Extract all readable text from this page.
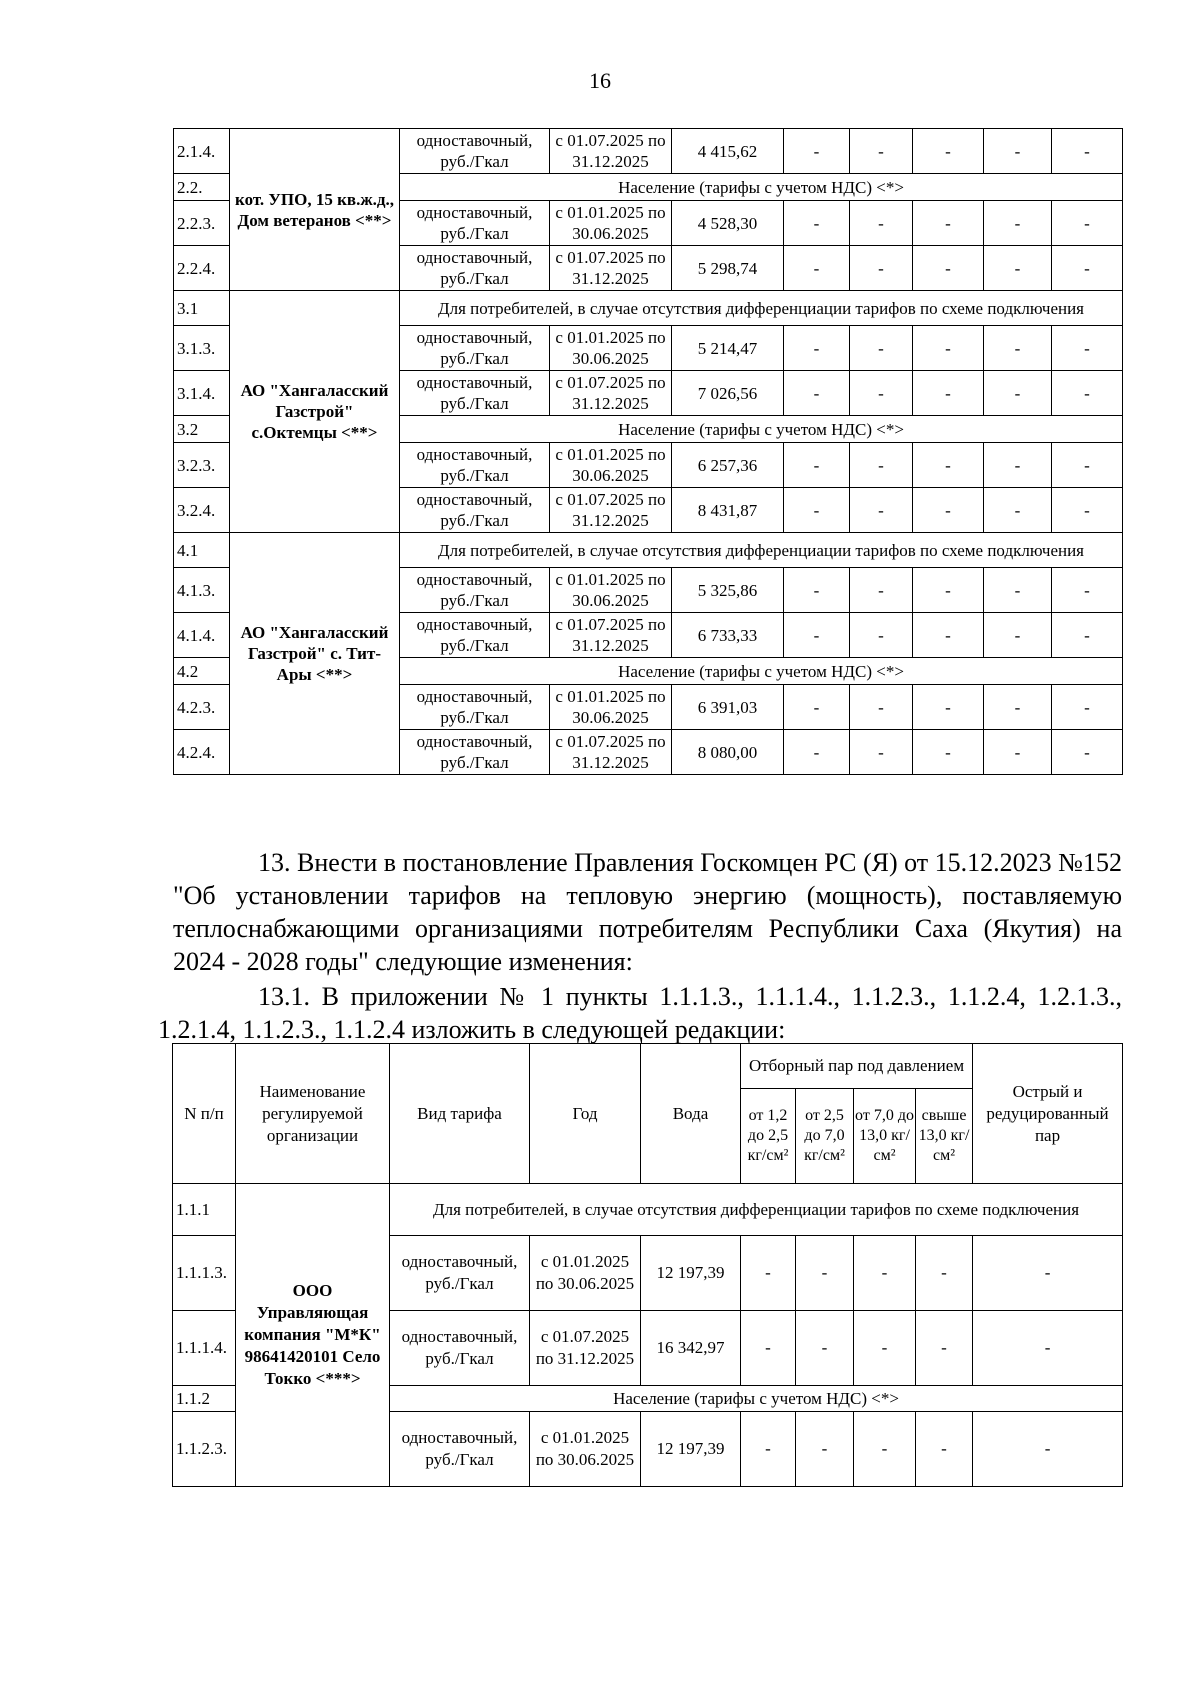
16
2.1.4.	кот. УПО, 15 кв.ж.д., Дом ветеранов <**>	одноставочный, руб./Гкал	с 01.07.2025 по 31.12.2025	4 415,62	-	-	-	-	-
2.2.		Население (тарифы с учетом НДС) <*>							
2.2.3.		одноставочный, руб./Гкал	с 01.01.2025 по 30.06.2025	4 528,30	-	-	-	-	-
2.2.4.		одноставочный, руб./Гкал	с 01.07.2025 по 31.12.2025	5 298,74	-	-	-	-	-
3.1	АО "Хангаласский Газстрой" с.Октемцы <**>	Для потребителей, в случае отсутствия дифференциации тарифов по схеме подключения							
3.1.3.		одноставочный, руб./Гкал	с 01.01.2025 по 30.06.2025	5 214,47	-	-	-	-	-
3.1.4.		одноставочный, руб./Гкал	с 01.07.2025 по 31.12.2025	7 026,56	-	-	-	-	-
3.2		Население (тарифы с учетом НДС) <*>							
3.2.3.		одноставочный, руб./Гкал	с 01.01.2025 по 30.06.2025	6 257,36	-	-	-	-	-
3.2.4.		одноставочный, руб./Гкал	с 01.07.2025 по 31.12.2025	8 431,87	-	-	-	-	-
4.1	АО "Хангаласский Газстрой" с. Тит-Ары <**>	Для потребителей, в случае отсутствия дифференциации тарифов по схеме подключения							
4.1.3.		одноставочный, руб./Гкал	с 01.01.2025 по 30.06.2025	5 325,86	-	-	-	-	-
4.1.4.		одноставочный, руб./Гкал	с 01.07.2025 по 31.12.2025	6 733,33	-	-	-	-	-
4.2		Население (тарифы с учетом НДС) <*>							
4.2.3.		одноставочный, руб./Гкал	с 01.01.2025 по 30.06.2025	6 391,03	-	-	-	-	-
4.2.4.		одноставочный, руб./Гкал	с 01.07.2025 по 31.12.2025	8 080,00	-	-	-	-	-
13. Внести в постановление Правления Госкомцен РС (Я) от 15.12.2023 №152 "Об установлении тарифов на тепловую энергию (мощность), поставляемую теплоснабжающими организациями потребителям Республики Саха (Якутия) на 2024 - 2028 годы" следующие изменения:
13.1. В приложении № 1 пункты 1.1.1.3., 1.1.1.4., 1.1.2.3., 1.1.2.4, 1.2.1.3., 1.2.1.4, 1.1.2.3., 1.1.2.4 изложить в следующей редакции:
N п/п	Наименование регулируемой организации	Вид тарифа	Год	Вода	Отборный пар под давлением				Острый и редуцированный пар
					от 1,2 до 2,5 кг/см²	от 2,5 до 7,0 кг/см²	от 7,0 до 13,0 кг/см²	свыше 13,0 кг/см²	
1.1.1	ООО Управляющая компания "М*К" 98641420101 Село Токко <***>	Для потребителей, в случае отсутствия дифференциации тарифов по схеме подключения							
1.1.1.3.		одноставочный, руб./Гкал	с 01.01.2025 по 30.06.2025	12 197,39	-	-	-	-	-
1.1.1.4.		одноставочный, руб./Гкал	с 01.07.2025 по 31.12.2025	16 342,97	-	-	-	-	-
1.1.2		Население (тарифы с учетом НДС) <*>							
1.1.2.3.		одноставочный, руб./Гкал	с 01.01.2025 по 30.06.2025	12 197,39	-	-	-	-	-
